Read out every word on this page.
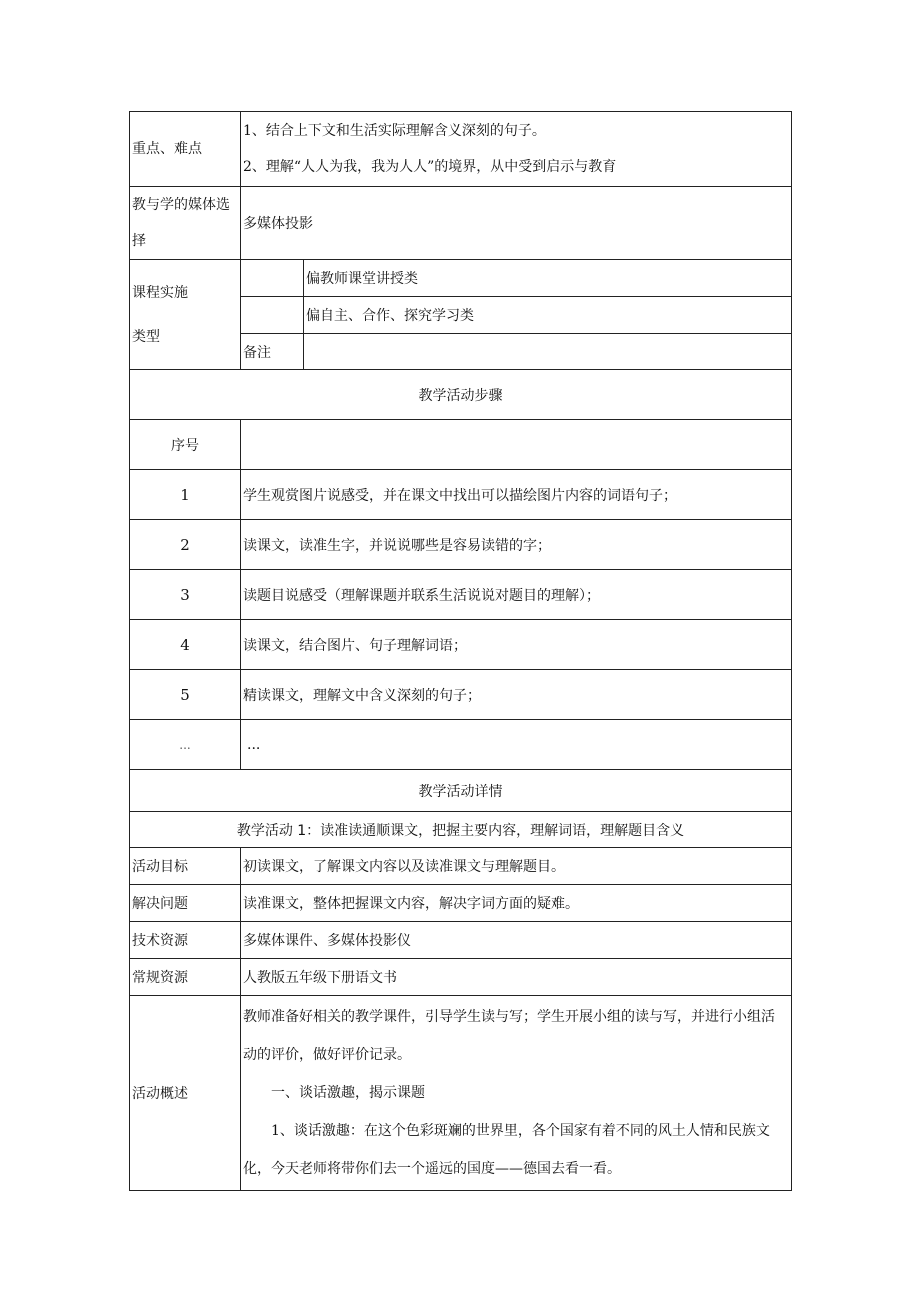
重点、难点	1、结合上下文和生活实际理解含义深刻的句子。
2、理解“人人为我，我为人人”的境界，从中受到启示与教育	

教与学的媒体选择	多媒体投影	
课程实施类型		偏教师课堂讲授类
		偏自主、合作、探究学习类
	备注	
教学活动步骤		
序号		
1	学生观赏图片说感受，并在课文中找出可以描绘图片内容的词语句子；	
2	读课文，读准生字，并说说哪些是容易读错的字；	
3	读题目说感受（理解课题并联系生活说说对题目的理解）；	
4	读课文，结合图片、句子理解词语；	
5	精读课文，理解文中含义深刻的句子；	
...	...	
教学活动详情		
教学活动 1：读准读通顺课文，把握主要内容，理解词语，理解题目含义		
活动目标	初读课文，了解课文内容以及读准课文与理解题目。	
解决问题	读准课文，整体把握课文内容，解决字词方面的疑难。	
技术资源	多媒体课件、多媒体投影仪	
常规资源	人教版五年级下册语文书	
活动概述	教师准备好相关的教学课件，引导学生读与写；学生开展小组的读与写，并进行小组活动的评价，做好评价记录。

一、谈话激趣，揭示课题

1、谈话激趣：在这个色彩斑斓的世界里，各个国家有着不同的风土人情和民族文化，今天老师将带你们去一个遥远的国度——德国去看一看。	
